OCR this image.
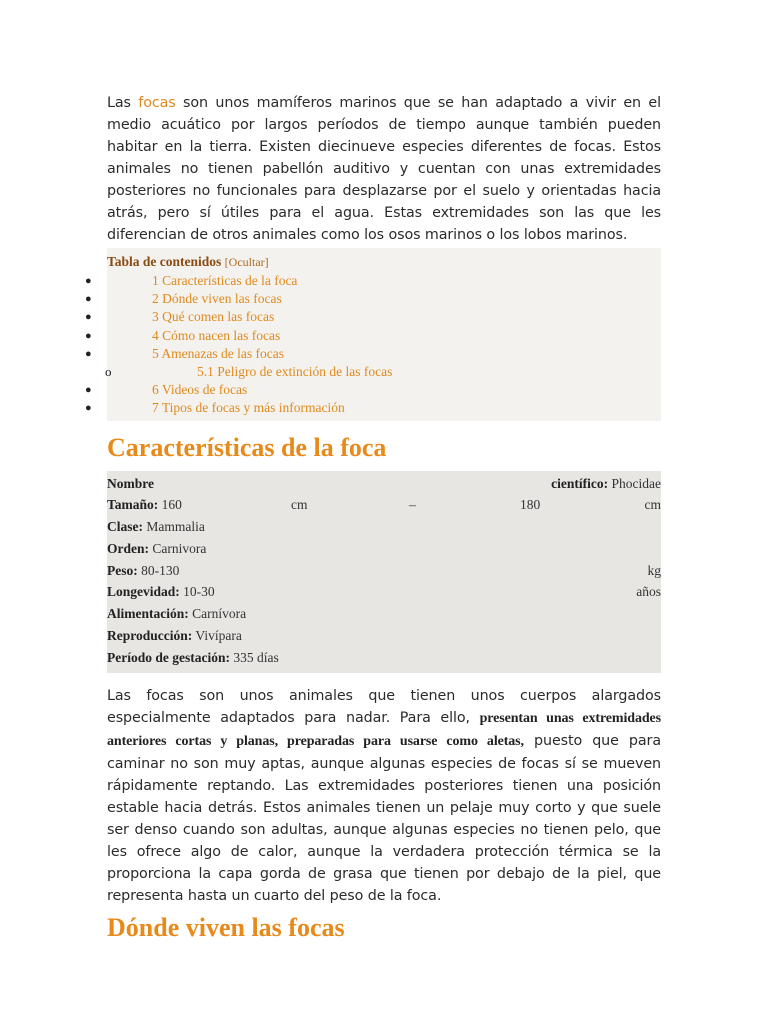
Las focas son unos mamíferos marinos que se han adaptado a vivir en el medio acuático por largos períodos de tiempo aunque también pueden habitar en la tierra. Existen diecinueve especies diferentes de focas. Estos animales no tienen pabellón auditivo y cuentan con unas extremidades posteriores no funcionales para desplazarse por el suelo y orientadas hacia atrás, pero sí útiles para el agua. Estas extremidades son las que les diferencian de otros animales como los osos marinos o los lobos marinos.

Tabla de contenidos [Ocultar]
●	1 Características de la foca
●	2 Dónde viven las focas
●	3 Qué comen las focas
●	4 Cómo nacen las focas
●	5 Amenazas de las focas
o	5.1 Peligro de extinción de las focas
●	6 Videos de focas
●	7 Tipos de focas y más información
Características de la foca
Nombre	científico: Phocidae
Tamaño: 160	cm	–	180	cm
Clase: Mammalia
Orden: Carnivora
Peso: 80-130	kg
Longevidad: 10-30	años
Alimentación: Carnívora
Reproducción: Vivípara
Período de gestación: 335 días

Las focas son unos animales que tienen unos cuerpos alargados especialmente adaptados para nadar. Para ello, presentan unas extremidades anteriores cortas y planas, preparadas para usarse como aletas, puesto que para caminar no son muy aptas, aunque algunas especies de focas sí se mueven rápidamente reptando. Las extremidades posteriores tienen una posición estable hacia detrás. Estos animales tienen un pelaje muy corto y que suele ser denso cuando son adultas, aunque algunas especies no tienen pelo, que les ofrece algo de calor, aunque la verdadera protección térmica se la proporciona la capa gorda de grasa que tienen por debajo de la piel, que representa hasta un cuarto del peso de la foca.

Dónde viven las focas
